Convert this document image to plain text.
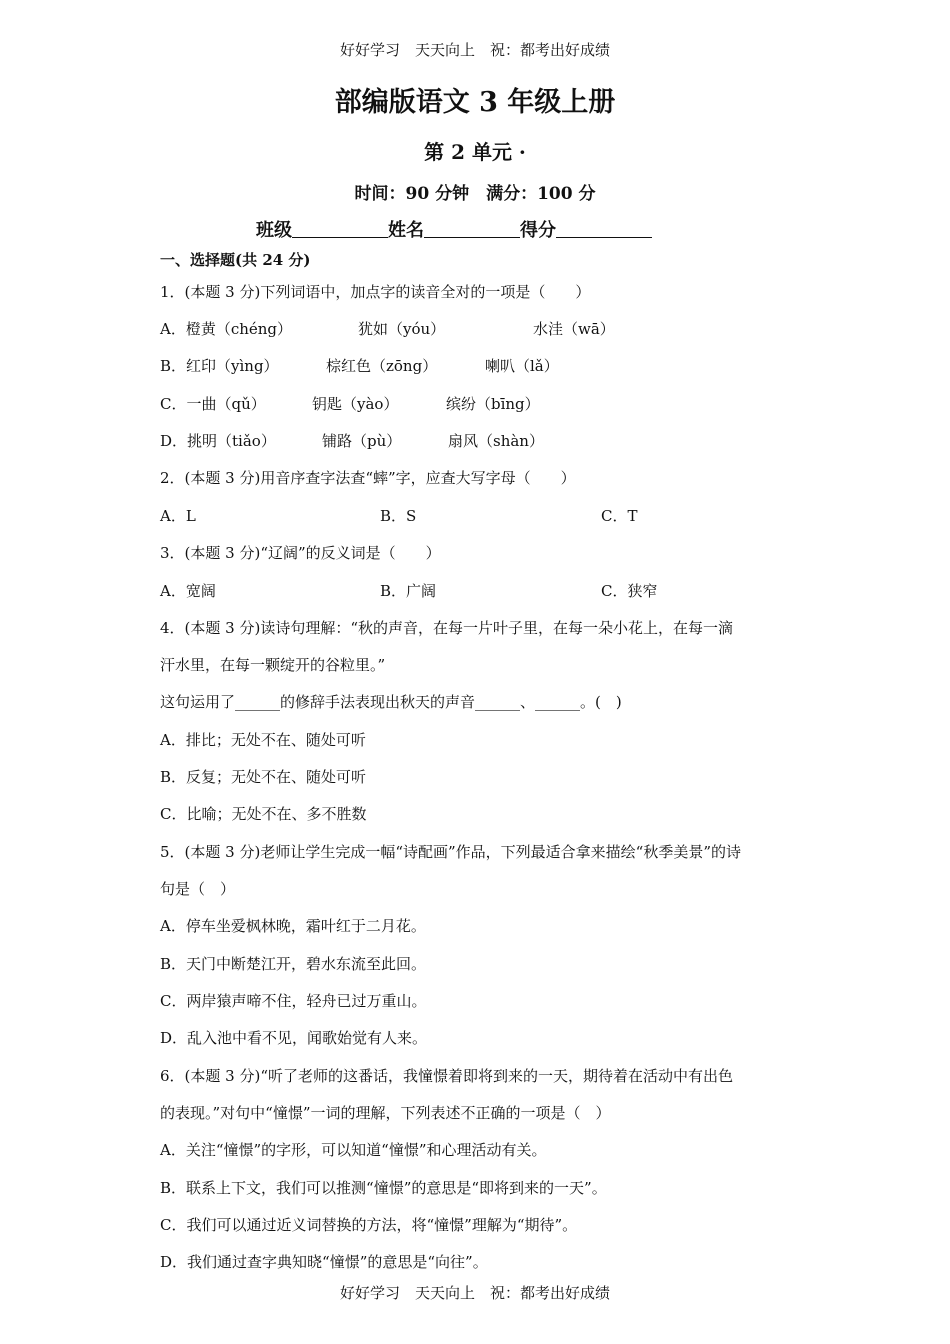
好好学习　天天向上　祝：都考出好成绩
部编版语文 3 年级上册
第 2 单元 ·
时间：90 分钟　满分：100 分
班级	姓名	得分
一、选择题(共 24 分)
1．(本题 3 分)下列词语中，加点字的读音全对的一项是（　　）
A．橙黄（chéng）	犹如（yóu）	水洼（wā）
B．红印（yìng）	棕红色（zōng）	喇叭（lǎ）
C．一曲（qǔ）	钥匙（yào）	缤纷（bīng）
D．挑明（tiǎo）	铺路（pù）	扇风（shàn）
2．(本题 3 分)用音序查字法查“蟀”字，应查大写字母（　　）
A．L	B．S	C．T
3．(本题 3 分)“辽阔”的反义词是（　　）
A．宽阔	B．广阔	C．狭窄
4．(本题 3 分)读诗句理解：“秋的声音，在每一片叶子里，在每一朵小花上，在每一滴
汗水里，在每一颗绽开的谷粒里。”
这句运用了______的修辞手法表现出秋天的声音______、______。(　)
A．排比；无处不在、随处可听
B．反复；无处不在、随处可听
C．比喻；无处不在、多不胜数
5．(本题 3 分)老师让学生完成一幅“诗配画”作品，下列最适合拿来描绘“秋季美景”的诗
句是（　）
A．停车坐爱枫林晚，霜叶红于二月花。
B．天门中断楚江开，碧水东流至此回。
C．两岸猿声啼不住，轻舟已过万重山。
D．乱入池中看不见，闻歌始觉有人来。
6．(本题 3 分)“听了老师的这番话，我憧憬着即将到来的一天，期待着在活动中有出色
的表现。”对句中“憧憬”一词的理解，下列表述不正确的一项是（　）
A．关注“憧憬”的字形，可以知道“憧憬”和心理活动有关。
B．联系上下文，我们可以推测“憧憬”的意思是“即将到来的一天”。
C．我们可以通过近义词替换的方法，将“憧憬”理解为“期待”。
D．我们通过查字典知晓“憧憬”的意思是“向往”。
好好学习　天天向上　祝：都考出好成绩
